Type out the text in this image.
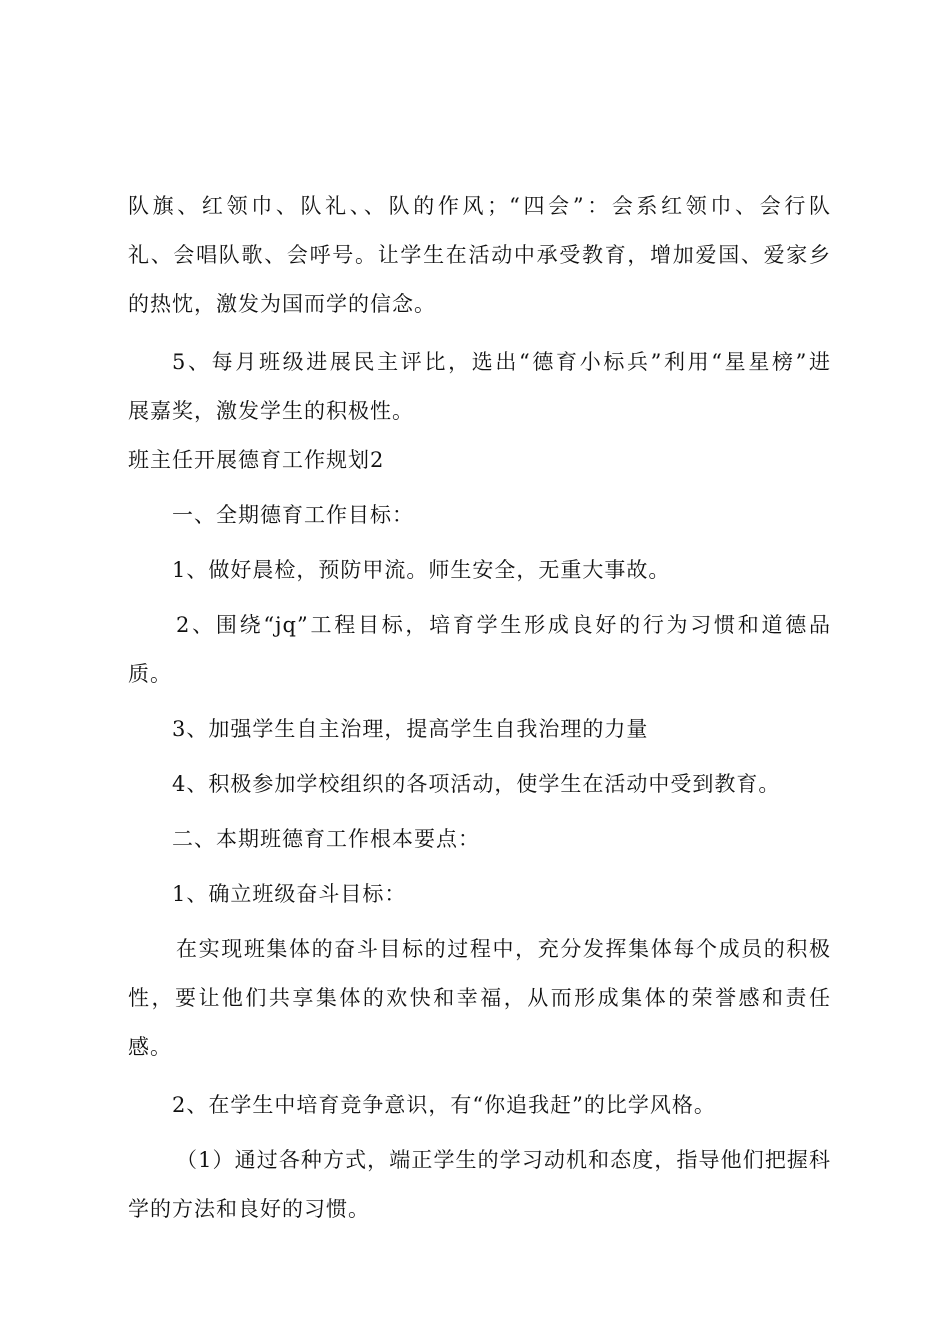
队旗、红领巾、队礼、、队的作风；“四会”：会系红领巾、会行队
礼、会唱队歌、会呼号。让学生在活动中承受教育，增加爱国、爱家乡
的热忱，激发为国而学的信念。

5、每月班级进展民主评比，选出“德育小标兵”利用“星星榜”进
展嘉奖，激发学生的积极性。

班主任开展德育工作规划2

一、全期德育工作目标：

1、做好晨检，预防甲流。师生安全，无重大事故。

2、围绕“jq”工程目标，培育学生形成良好的行为习惯和道德品
质。

3、加强学生自主治理，提高学生自我治理的力量

4、积极参加学校组织的各项活动，使学生在活动中受到教育。

二、本期班德育工作根本要点：

1、确立班级奋斗目标：

在实现班集体的奋斗目标的过程中，充分发挥集体每个成员的积极
性，要让他们共享集体的欢快和幸福，从而形成集体的荣誉感和责任
感。

2、在学生中培育竞争意识，有“你追我赶”的比学风格。

（1）通过各种方式，端正学生的学习动机和态度，指导他们把握科
学的方法和良好的习惯。
